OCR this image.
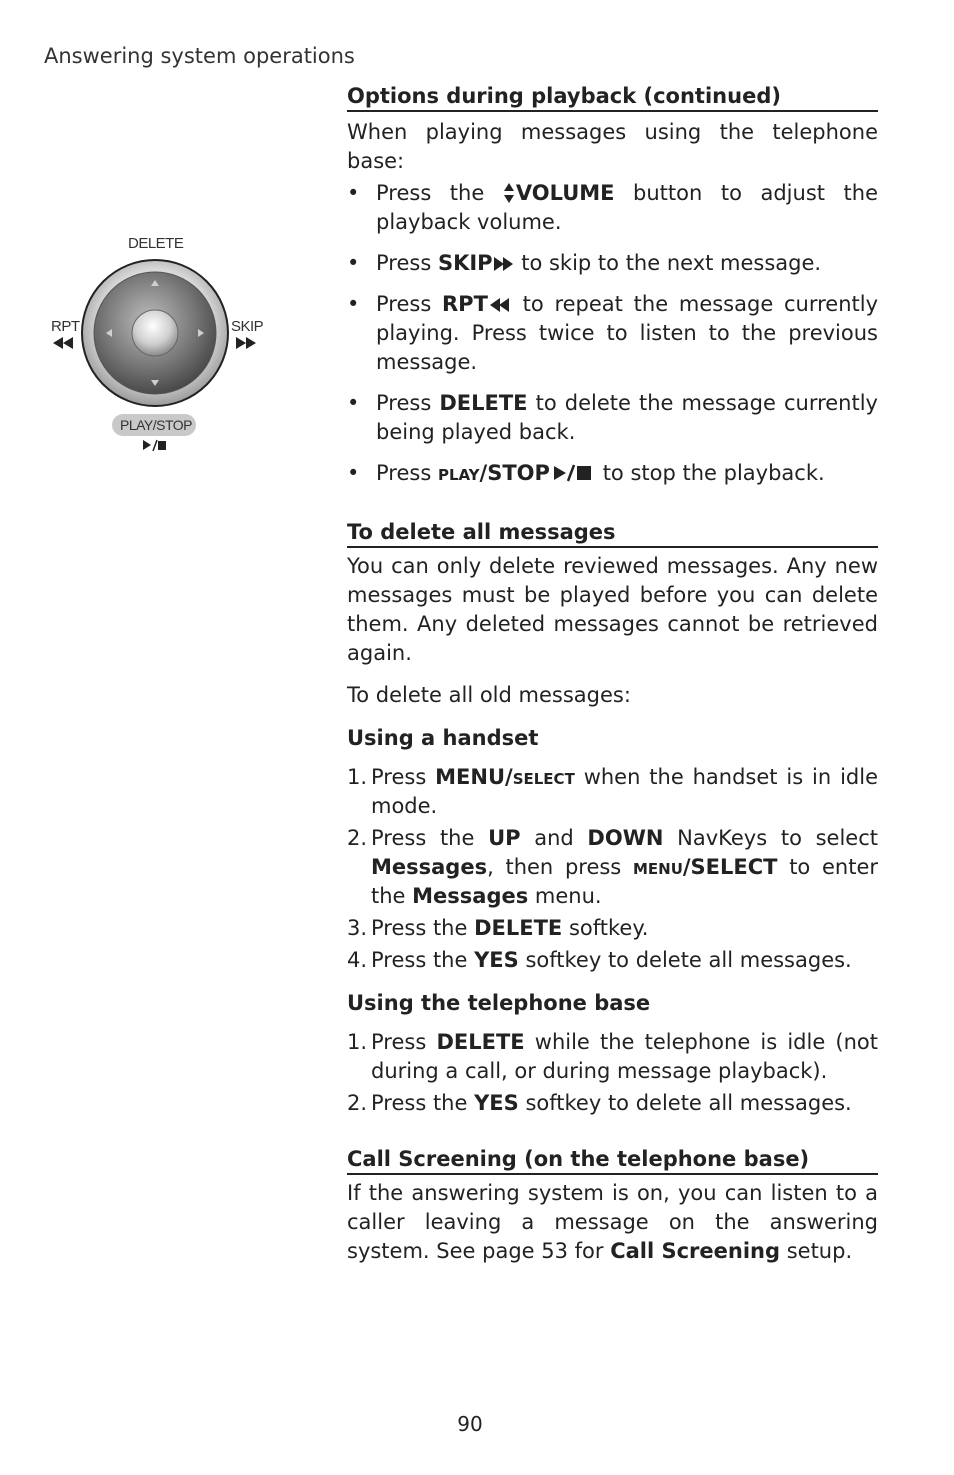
Answering system operations
DELETE
RPT	SKIP
PLAY/STOP
Options during playback (continued)

When playing messages using the telephone base:

• Press the VOLUME button to adjust the playback volume.
• Press SKIP to skip to the next message.
• Press RPT to repeat the message currently playing. Press twice to listen to the previous message.
• Press DELETE to delete the message currently being played back.
• Press play/STOP  to stop the playback.
To delete all messages

You can only delete reviewed messages. Any new messages must be played before you can delete them. Any deleted messages cannot be retrieved again.

To delete all old messages:

Using a handset

1. Press MENU/select when the handset is in idle mode.
2. Press the UP and DOWN NavKeys to select Messages, then press menu/SELECT to enter the Messages menu.
3. Press the DELETE softkey.
4. Press the YES softkey to delete all messages.

Using the telephone base

1. Press DELETE while the telephone is idle (not during a call, or during message playback).
2. Press the YES softkey to delete all messages.
Call Screening (on the telephone base)

If the answering system is on, you can listen to a caller leaving a message on the answering system. See page 53 for Call Screening setup.

90
